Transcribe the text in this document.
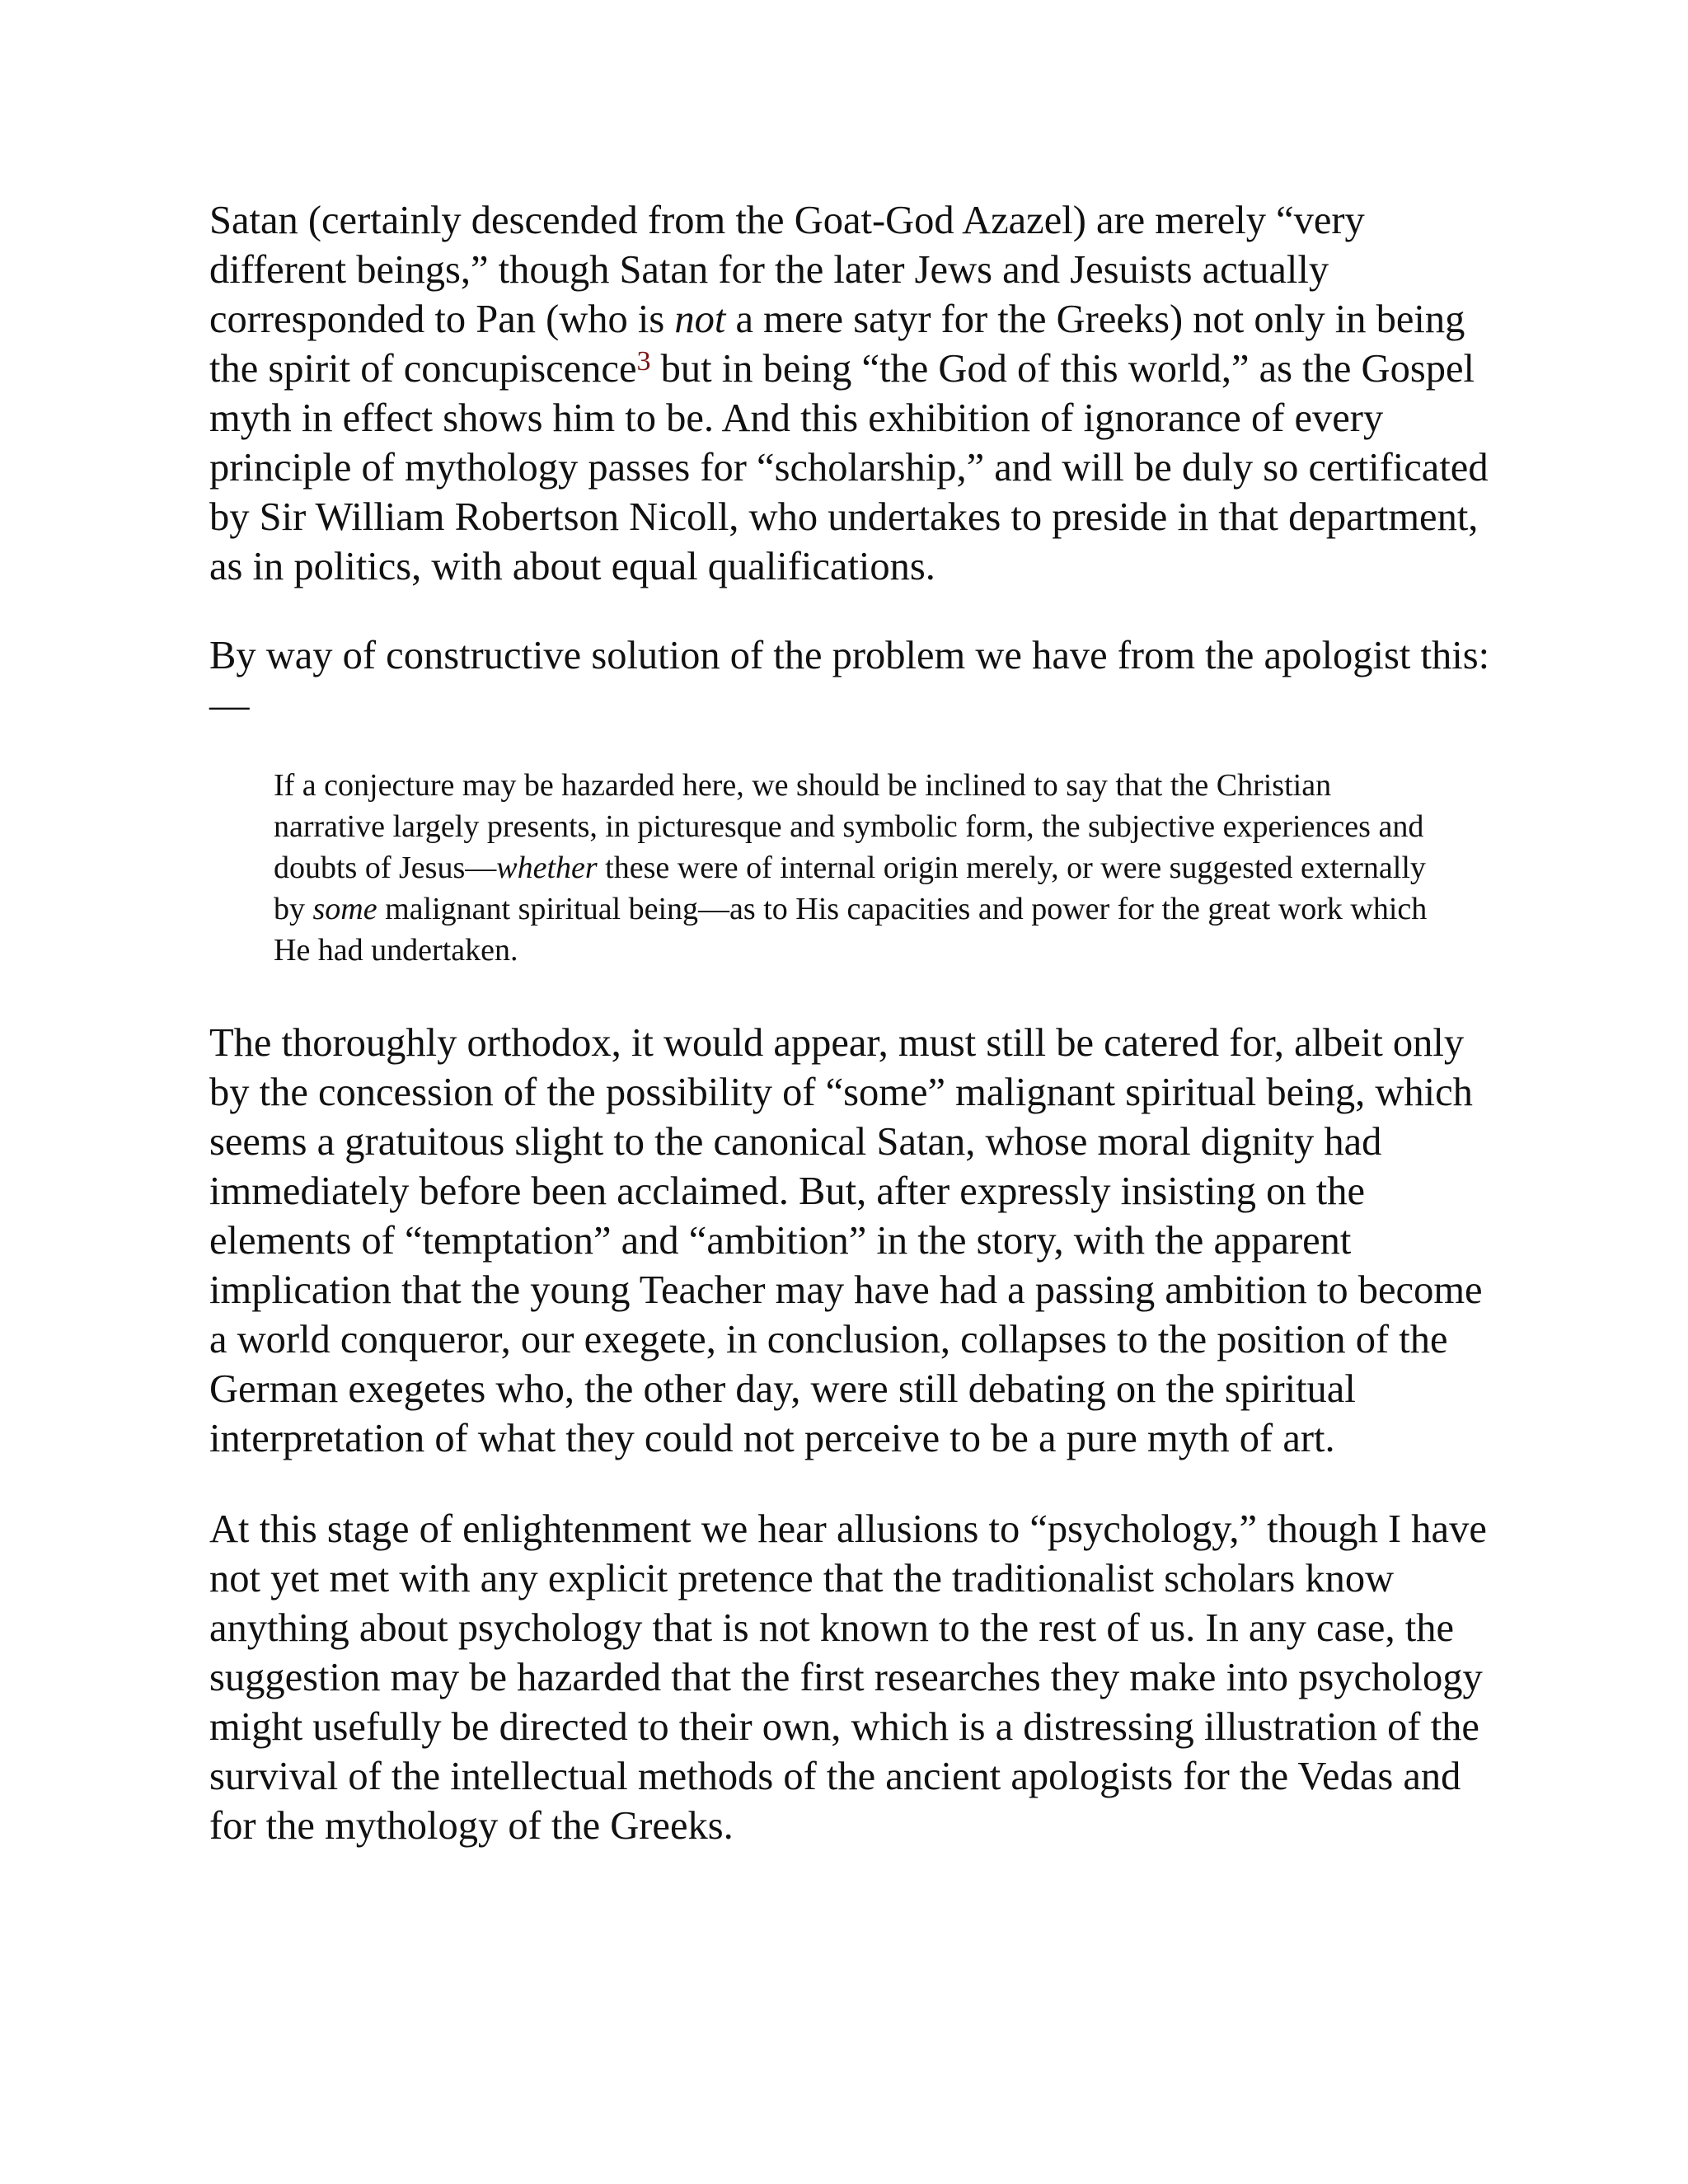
Satan (certainly descended from the Goat-God Azazel) are merely “very different beings,” though Satan for the later Jews and Jesuists actually corresponded to Pan (who is not a mere satyr for the Greeks) not only in being the spirit of concupiscence$^3$ but in being “the God of this world,” as the Gospel myth in effect shows him to be. And this exhibition of ignorance of every principle of mythology passes for “scholarship,” and will be duly so certificated by Sir William Robertson Nicoll, who undertakes to preside in that department, as in politics, with about equal qualifications.

By way of constructive solution of the problem we have from the apologist this:—

If a conjecture may be hazarded here, we should be inclined to say that the Christian narrative largely presents, in picturesque and symbolic form, the subjective experiences and doubts of Jesus—whether these were of internal origin merely, or were suggested externally by some malignant spiritual being—as to His capacities and power for the great work which He had undertaken.

The thoroughly orthodox, it would appear, must still be catered for, albeit only by the concession of the possibility of “some” malignant spiritual being, which seems a gratuitous slight to the canonical Satan, whose moral dignity had immediately before been acclaimed. But, after expressly insisting on the elements of “temptation” and “ambition” in the story, with the apparent implication that the young Teacher may have had a passing ambition to become a world conqueror, our exegete, in conclusion, collapses to the position of the German exegetes who, the other day, were still debating on the spiritual interpretation of what they could not perceive to be a pure myth of art.

At this stage of enlightenment we hear allusions to “psychology,” though I have not yet met with any explicit pretence that the traditionalist scholars know anything about psychology that is not known to the rest of us. In any case, the suggestion may be hazarded that the first researches they make into psychology might usefully be directed to their own, which is a distressing illustration of the survival of the intellectual methods of the ancient apologists for the Vedas and for the mythology of the Greeks.
